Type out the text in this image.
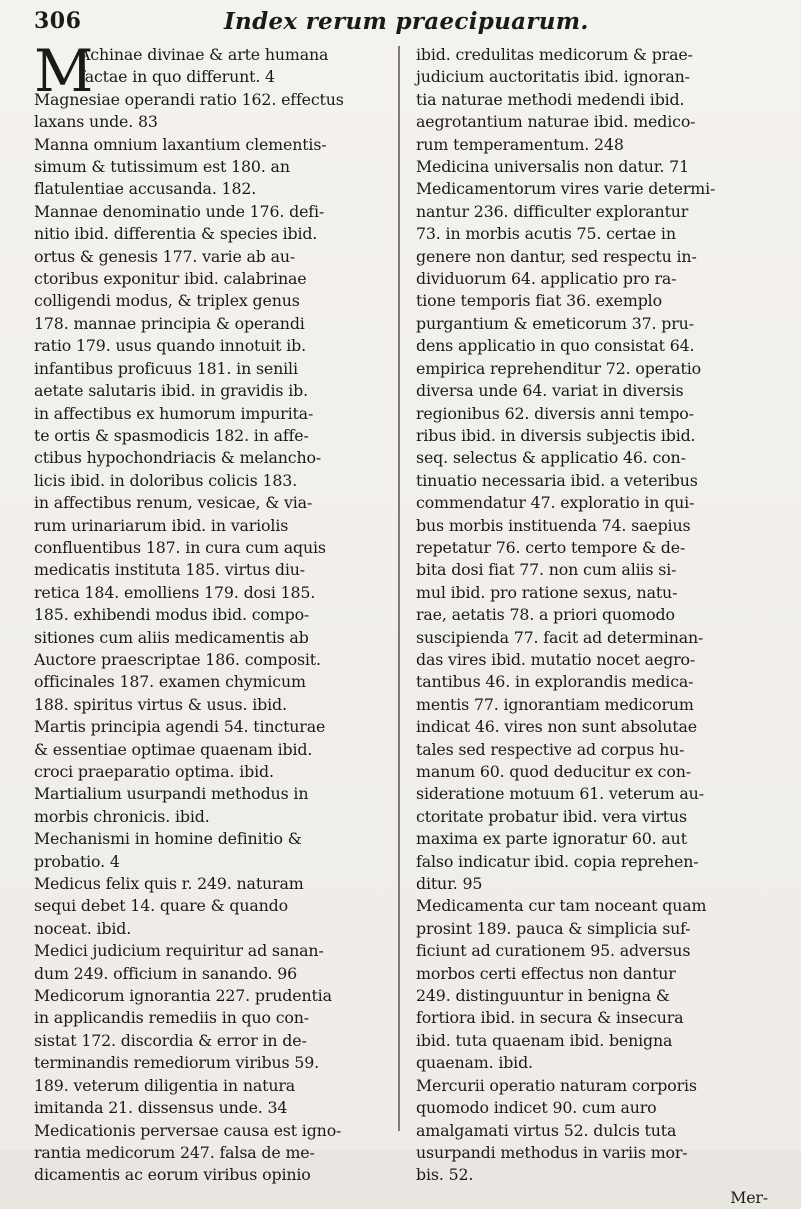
306	Index rerum praecipuarum.
M
Achinae divinae & arte humana
factae in quo differunt. 4
Magnesiae operandi ratio 162. effectus
laxans unde. 83
Manna omnium laxantium clementis-
simum & tutissimum est 180. an
flatulentiae accusanda. 182.
Mannae denominatio unde 176. defi-
nitio ibid. differentia & species ibid.
ortus & genesis 177. varie ab au-
ctoribus exponitur ibid. calabrinae
colligendi modus, & triplex genus
178. mannae principia & operandi
ratio 179. usus quando innotuit ib.
infantibus proficuus 181. in senili
aetate salutaris ibid. in gravidis ib.
in affectibus ex humorum impurita-
te ortis & spasmodicis 182. in affe-
ctibus hypochondriacis & melancho-
licis ibid. in doloribus colicis 183.
in affectibus renum, vesicae, & via-
rum urinariarum ibid. in variolis
confluentibus 187. in cura cum aquis
medicatis instituta 185. virtus diu-
retica 184. emolliens 179. dosi 185.
185. exhibendi modus ibid. compo-
sitiones cum aliis medicamentis ab
Auctore praescriptae 186. composit.
officinales 187. examen chymicum
188. spiritus virtus & usus. ibid.
Martis principia agendi 54. tincturae
& essentiae optimae quaenam ibid.
croci praeparatio optima. ibid.
Martialium usurpandi methodus in
morbis chronicis. ibid.
Mechanismi in homine definitio &
probatio. 4
Medicus felix quis r. 249. naturam
sequi debet 14. quare & quando
noceat. ibid.
Medici judicium requiritur ad sanan-
dum 249. officium in sanando. 96
Medicorum ignorantia 227. prudentia
in applicandis remediis in quo con-
sistat 172. discordia & error in de-
terminandis remediorum viribus 59.
189. veterum diligentia in natura
imitanda 21. dissensus unde. 34
Medicationis perversae causa est igno-
rantia medicorum 247. falsa de me-
dicamentis ac eorum viribus opinio
ibid. credulitas medicorum & prae-
judicium auctoritatis ibid. ignoran-
tia naturae methodi medendi ibid.
aegrotantium naturae ibid. medico-
rum temperamentum. 248
Medicina universalis non datur. 71
Medicamentorum vires varie determi-
nantur 236. difficulter explorantur
73. in morbis acutis 75. certae in
genere non dantur, sed respectu in-
dividuorum 64. applicatio pro ra-
tione temporis fiat 36. exemplo
purgantium & emeticorum 37. pru-
dens applicatio in quo consistat 64.
empirica reprehenditur 72. operatio
diversa unde 64. variat in diversis
regionibus 62. diversis anni tempo-
ribus ibid. in diversis subjectis ibid.
seq. selectus & applicatio 46. con-
tinuatio necessaria ibid. a veteribus
commendatur 47. exploratio in qui-
bus morbis instituenda 74. saepius
repetatur 76. certo tempore & de-
bita dosi fiat 77. non cum aliis si-
mul ibid. pro ratione sexus, natu-
rae, aetatis 78. a priori quomodo
suscipienda 77. facit ad determinan-
das vires ibid. mutatio nocet aegro-
tantibus 46. in explorandis medica-
mentis 77. ignorantiam medicorum
indicat 46. vires non sunt absolutae
tales sed respective ad corpus hu-
manum 60. quod deducitur ex con-
sideratione motuum 61. veterum au-
ctoritate probatur ibid. vera virtus
maxima ex parte ignoratur 60. aut
falso indicatur ibid. copia reprehen-
ditur. 95
Medicamenta cur tam noceant quam
prosint 189. pauca & simplicia suf-
ficiunt ad curationem 95. adversus
morbos certi effectus non dantur
249. distinguuntur in benigna &
fortiora ibid. in secura & insecura
ibid. tuta quaenam ibid. benigna
quaenam. ibid.
Mercurii operatio naturam corporis
quomodo indicet 90. cum auro
amalgamati virtus 52. dulcis tuta
usurpandi methodus in variis mor-
bis. 52.
Mer-
